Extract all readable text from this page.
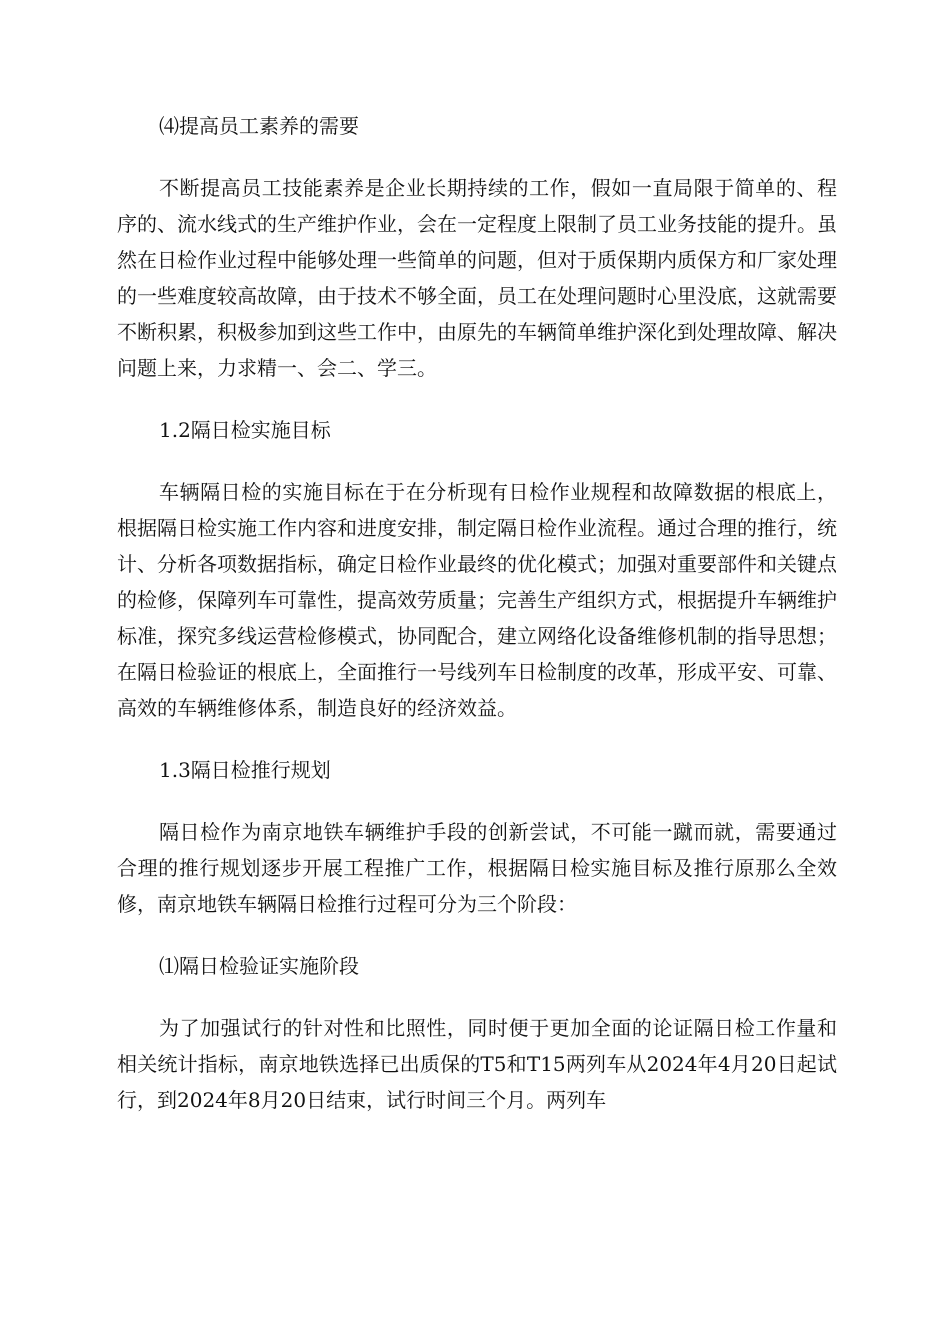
⑷提高员工素养的需要

不断提高员工技能素养是企业长期持续的工作，假如一直局限于简单的、程序的、流水线式的生产维护作业，会在一定程度上限制了员工业务技能的提升。虽然在日检作业过程中能够处理一些简单的问题，但对于质保期内质保方和厂家处理的一些难度较高故障，由于技术不够全面，员工在处理问题时心里没底，这就需要不断积累，积极参加到这些工作中，由原先的车辆简单维护深化到处理故障、解决问题上来，力求精一、会二、学三。

1.2隔日检实施目标

车辆隔日检的实施目标在于在分析现有日检作业规程和故障数据的根底上，根据隔日检实施工作内容和进度安排，制定隔日检作业流程。通过合理的推行，统计、分析各项数据指标，确定日检作业最终的优化模式；加强对重要部件和关键点的检修，保障列车可靠性，提高效劳质量；完善生产组织方式，根据提升车辆维护标准，探究多线运营检修模式，协同配合，建立网络化设备维修机制的指导思想；在隔日检验证的根底上，全面推行一号线列车日检制度的改革，形成平安、可靠、高效的车辆维修体系，制造良好的经济效益。

1.3隔日检推行规划

隔日检作为南京地铁车辆维护手段的创新尝试，不可能一蹴而就，需要通过合理的推行规划逐步开展工程推广工作，根据隔日检实施目标及推行原那么全效修，南京地铁车辆隔日检推行过程可分为三个阶段：

⑴隔日检验证实施阶段

为了加强试行的针对性和比照性，同时便于更加全面的论证隔日检工作量和相关统计指标，南京地铁选择已出质保的T5和T15两列车从2024年4月20日起试行，到2024年8月20日结束，试行时间三个月。两列车
